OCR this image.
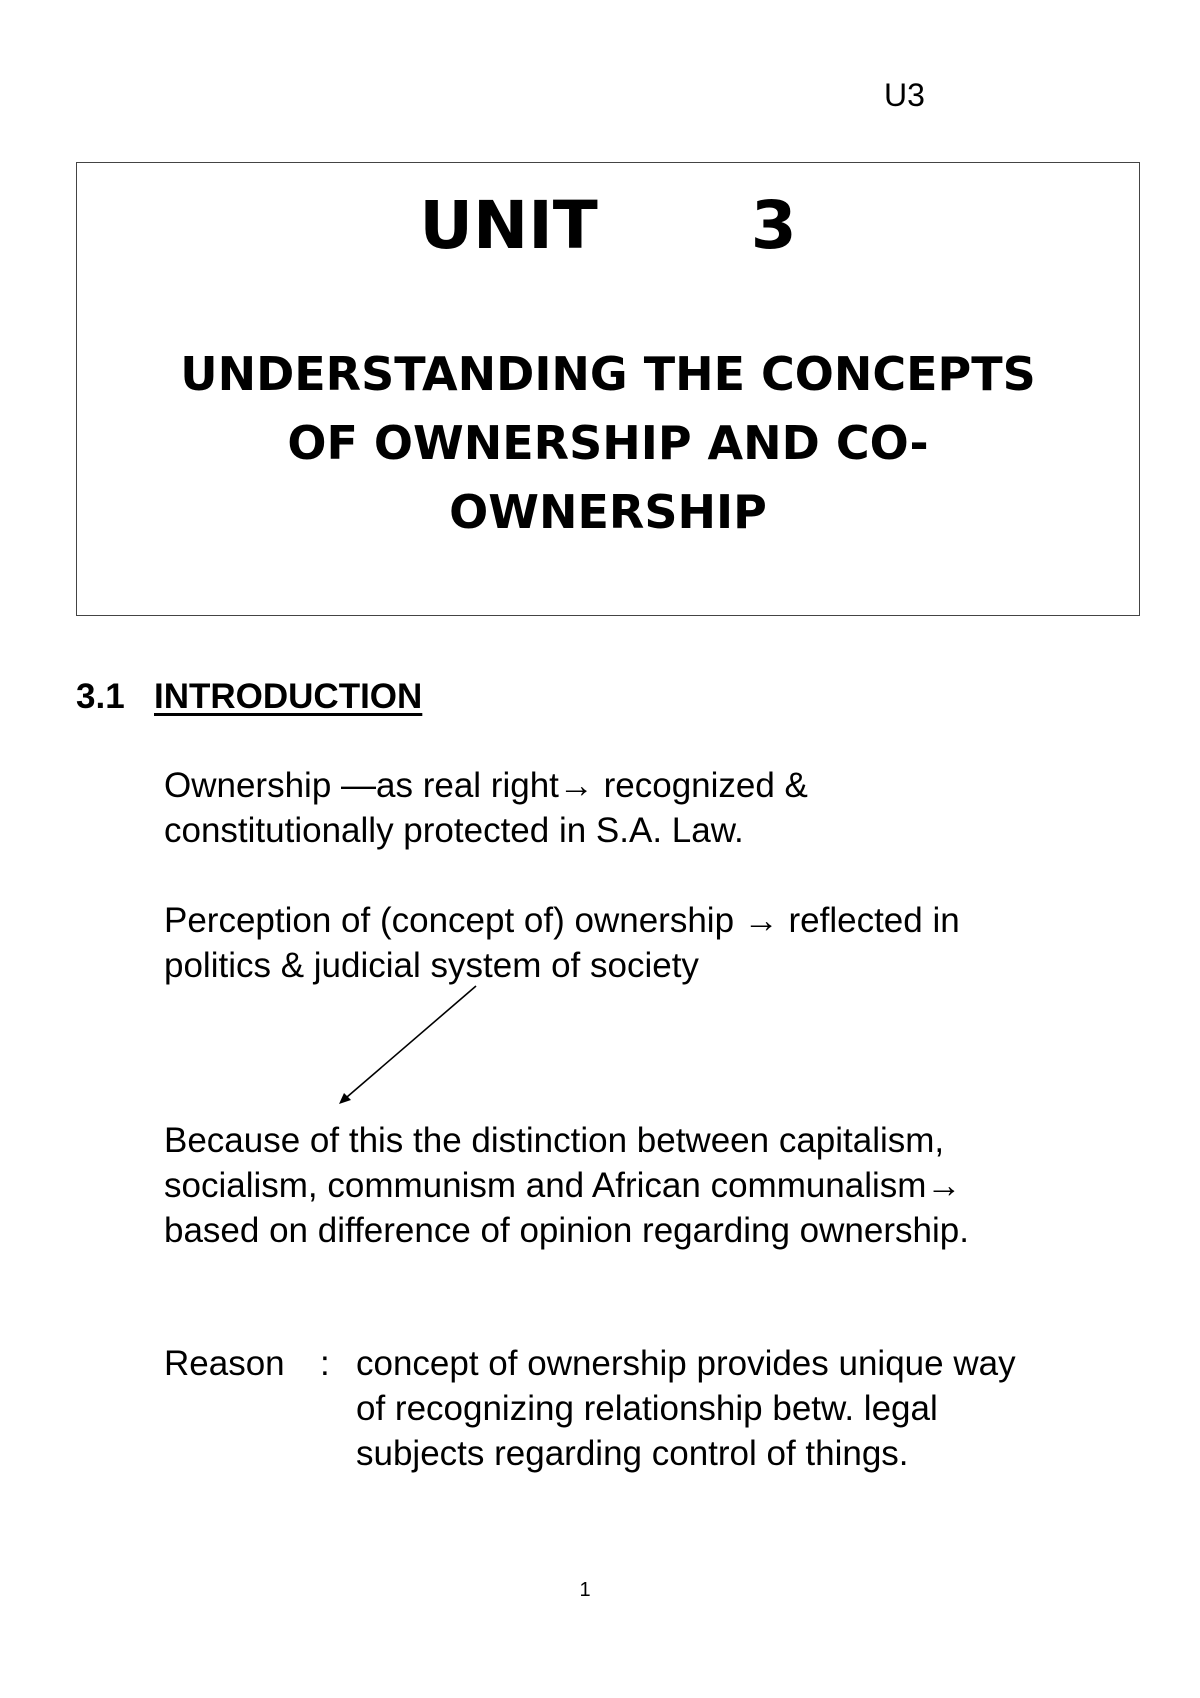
U3
UNIT   3
UNDERSTANDING THE CONCEPTS
OF OWNERSHIP AND CO-
OWNERSHIP
3.1 INTRODUCTION
Ownership —as real right→ recognized &
constitutionally protected in S.A. Law.
Perception of (concept of) ownership → reflected in
politics & judicial system of society
Because of this the distinction between capitalism,
socialism, communism and African communalism→
based on difference of opinion regarding ownership.
Reason : concept of ownership provides unique way
of recognizing relationship betw. legal
subjects regarding control of things.
1
